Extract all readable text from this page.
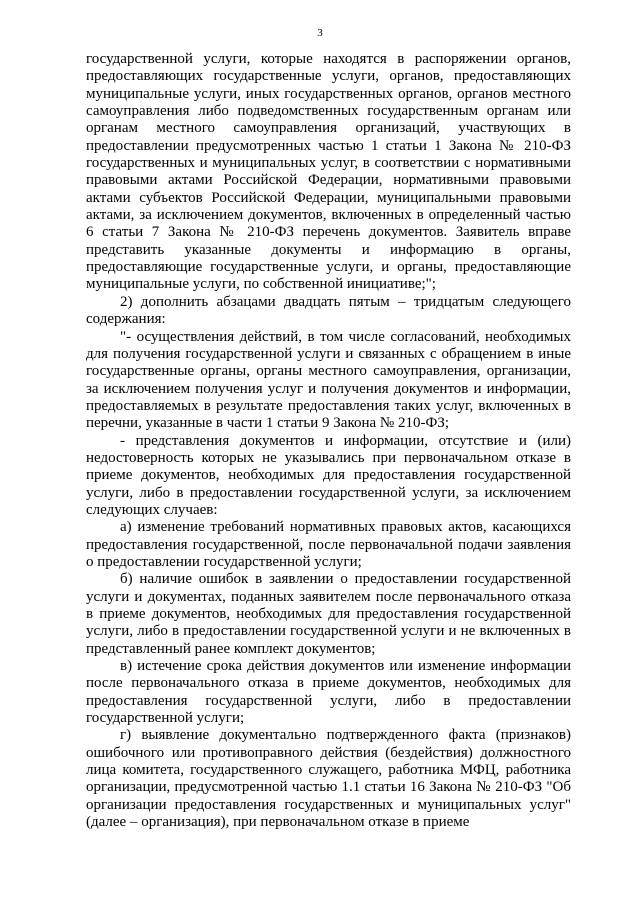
3

государственной услуги, которые находятся в распоряжении органов, предоставляющих государственные услуги, органов, предоставляющих муниципальные услуги, иных государственных органов, органов местного самоуправления либо подведомственных государственным органам или органам местного самоуправления организаций, участвующих в предоставлении предусмотренных частью 1 статьи 1 Закона № 210-ФЗ государственных и муниципальных услуг, в соответствии с нормативными правовыми актами Российской Федерации, нормативными правовыми актами субъектов Российской Федерации, муниципальными правовыми актами, за исключением документов, включенных в определенный частью 6 статьи 7 Закона № 210-ФЗ перечень документов. Заявитель вправе представить указанные документы и информацию в органы, предоставляющие государственные услуги, и органы, предоставляющие муниципальные услуги, по собственной инициативе;";

2) дополнить абзацами двадцать пятым – тридцатым следующего содержания:

"- осуществления действий, в том числе согласований, необходимых для получения государственной услуги и связанных с обращением в иные государственные органы, органы местного самоуправления, организации, за исключением получения услуг и получения документов и информации, предоставляемых в результате предоставления таких услуг, включенных в перечни, указанные в части 1 статьи 9 Закона № 210-ФЗ;

- представления документов и информации, отсутствие и (или) недостоверность которых не указывались при первоначальном отказе в приеме документов, необходимых для предоставления государственной услуги, либо в предоставлении государственной услуги, за исключением следующих случаев:

а) изменение требований нормативных правовых актов, касающихся предоставления государственной, после первоначальной подачи заявления о предоставлении государственной услуги;

б) наличие ошибок в заявлении о предоставлении государственной услуги и документах, поданных заявителем после первоначального отказа в приеме документов, необходимых для предоставления государственной услуги, либо в предоставлении государственной услуги и не включенных в представленный ранее комплект документов;

в) истечение срока действия документов или изменение информации после первоначального отказа в приеме документов, необходимых для предоставления государственной услуги, либо в предоставлении государственной услуги;

г) выявление документально подтвержденного факта (признаков) ошибочного или противоправного действия (бездействия) должностного лица комитета, государственного служащего, работника МФЦ, работника организации, предусмотренной частью 1.1 статьи 16 Закона № 210-ФЗ "Об организации предоставления государственных и муниципальных услуг" (далее – организация), при первоначальном отказе в приеме
